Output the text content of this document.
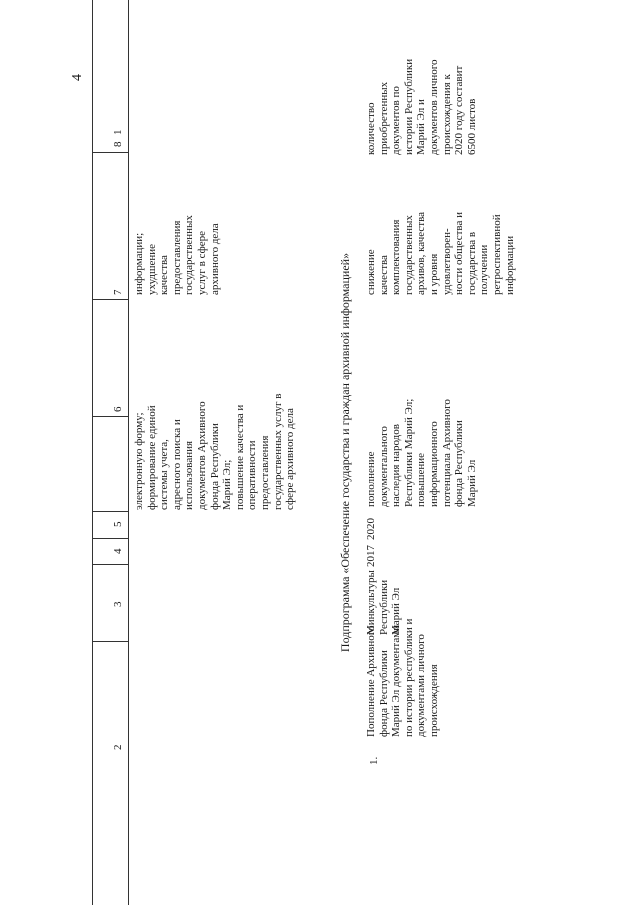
4
1
2
3
4
5
6
7
8
электронную форму; формирование единой системы учета, адресного поиска и использования документов Архивного фонда Республики Марий Эл; повышение качества и оперативности предоставления государственных услуг в сфере архивного дела
информации; ухудшение качества предоставления государственных услуг в сфере архивного дела	Подпрограмма «Обеспечение государства и граждан архивной информацией»
1.
Пополнение Архивного фонда Республики Марий Эл документами по истории республики и документами личного происхождения
Минкультуры Республики Марий Эл
2017
2020
пополнение документального наследия народов Республики Марий Эл; повышение информационного потенциала Архивного фонда Республики Марий Эл
снижение качества комплектования государственных архивов, качества и уровня удовлетворен- ности общества и государства в получении ретроспективной информации
количество приобретенных документов по истории Республики Марий Эл и документов личного происхождения к 2020 году составит 6500 листов
